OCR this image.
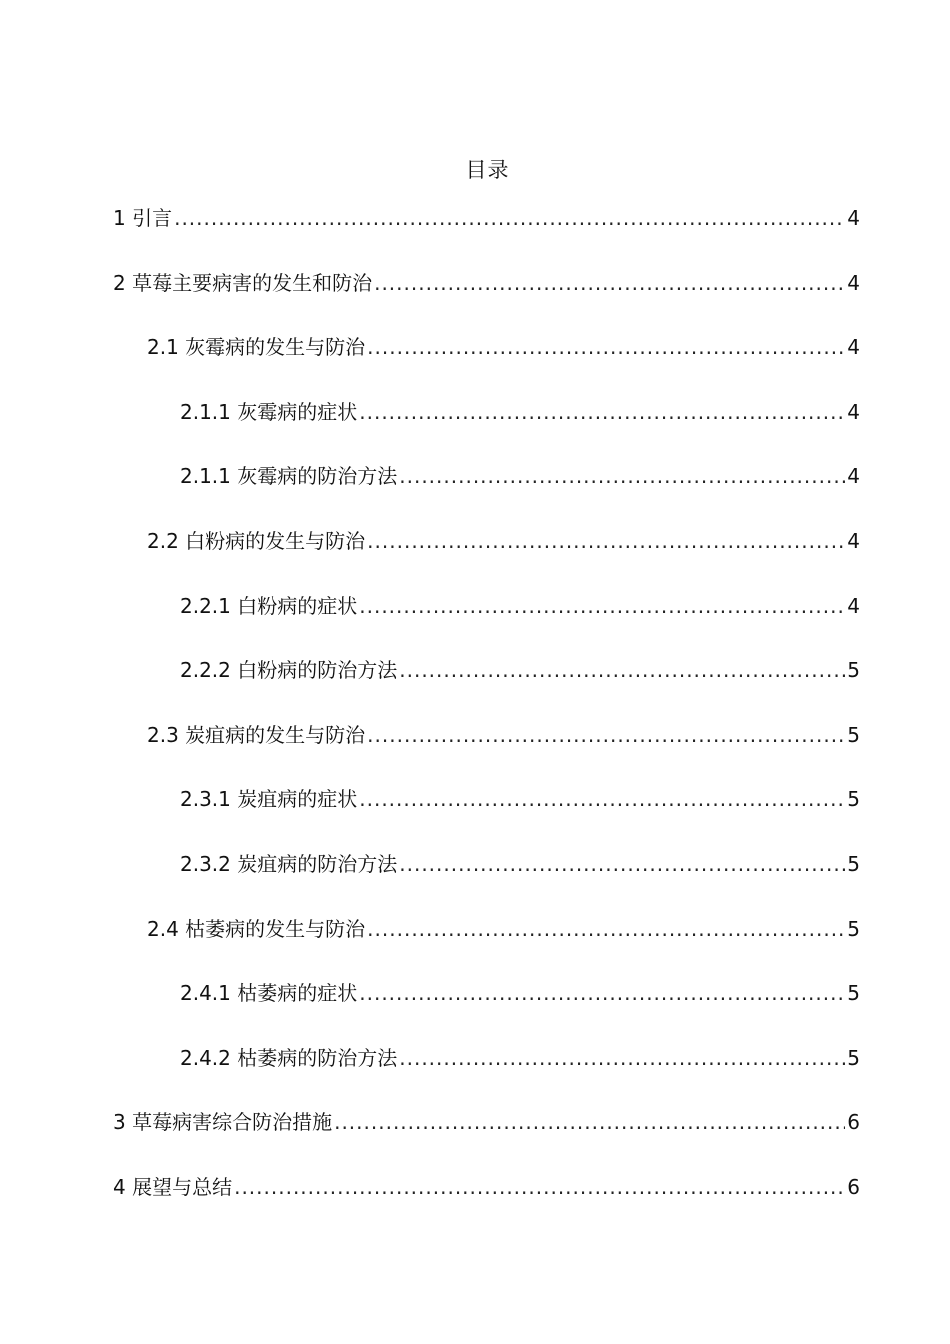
目录
1 引言 .....	4
2 草莓主要病害的发生和防治 .....	4
2.1 灰霉病的发生与防治 .....	4
2.1.1 灰霉病的症状 .....	4
2.1.1 灰霉病的防治方法 .....	4
2.2 白粉病的发生与防治 .....	4
2.2.1 白粉病的症状 .....	4
2.2.2 白粉病的防治方法 .....	5
2.3 炭疽病的发生与防治 .....	5
2.3.1 炭疽病的症状 .....	5
2.3.2 炭疽病的防治方法 .....	5
2.4 枯萎病的发生与防治 .....	5
2.4.1 枯萎病的症状 .....	5
2.4.2 枯萎病的防治方法 .....	5
3 草莓病害综合防治措施 .....	6
4 展望与总结 .....	6
